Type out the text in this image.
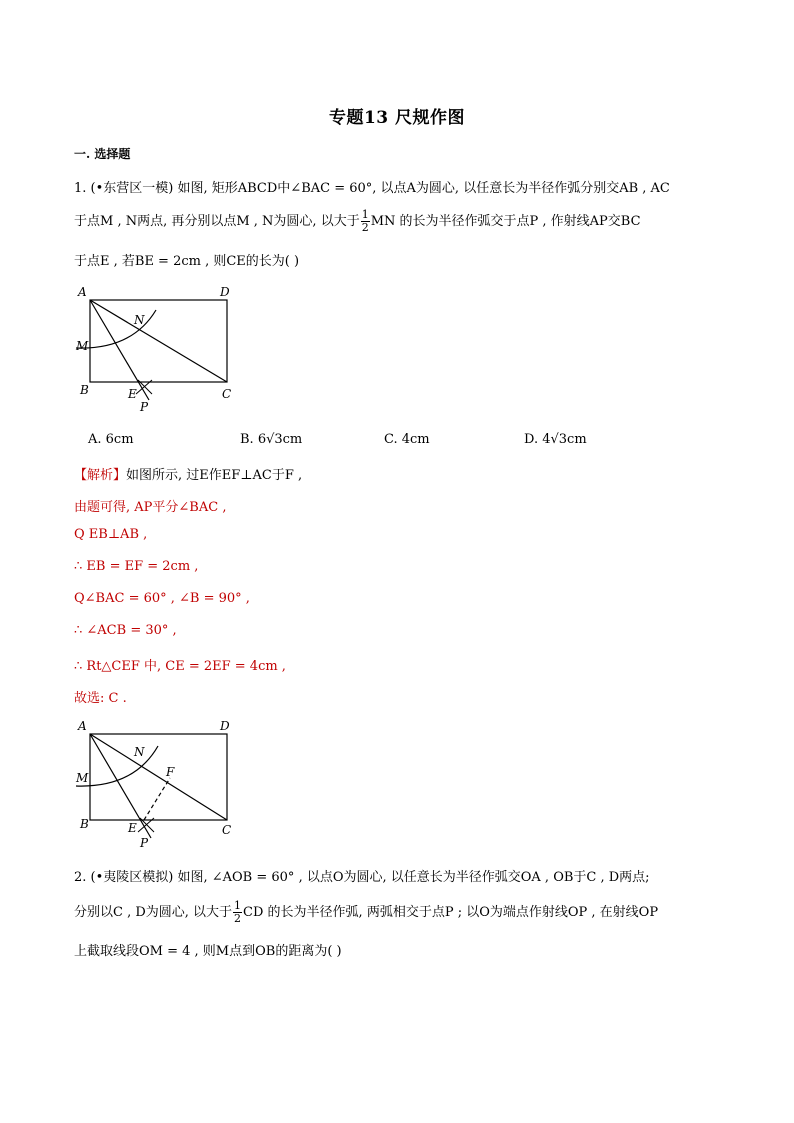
专题13 尺规作图
一. 选择题
1. (•东营区一模) 如图, 矩形ABCD中∠BAC = 60°, 以点A为圆心, 以任意长为半径作弧分别交AB , AC
于点M , N两点, 再分别以点M , N为圆心, 以大于 $\frac{1}{2}$ MN 的长为半径作弧交于点P , 作射线AP交BC
于点E , 若BE = 2cm , 则CE的长为( )
A	D
B	C
M
N
E
P
A. 6cm	B. 6√3cm	C. 4cm	D. 4√3cm
【解析】如图所示, 过E作EF⊥AC于F ,
由题可得, AP平分∠BAC ,
Q EB⊥AB ,
∴ EB = EF = 2cm ,
Q∠BAC = 60° , ∠B = 90° ,
∴ ∠ACB = 30° ,
∴ Rt△CEF 中, CE = 2EF = 4cm ,
故选: C .
A	D
B	C
M
N
F
E
P
2. (•夷陵区模拟) 如图, ∠AOB = 60° , 以点O为圆心, 以任意长为半径作弧交OA , OB于C , D两点;
分别以C , D为圆心, 以大于 $\frac{1}{2}$ CD 的长为半径作弧, 两弧相交于点P ; 以O为端点作射线OP , 在射线OP
上截取线段OM = 4 , 则M点到OB的距离为( )
